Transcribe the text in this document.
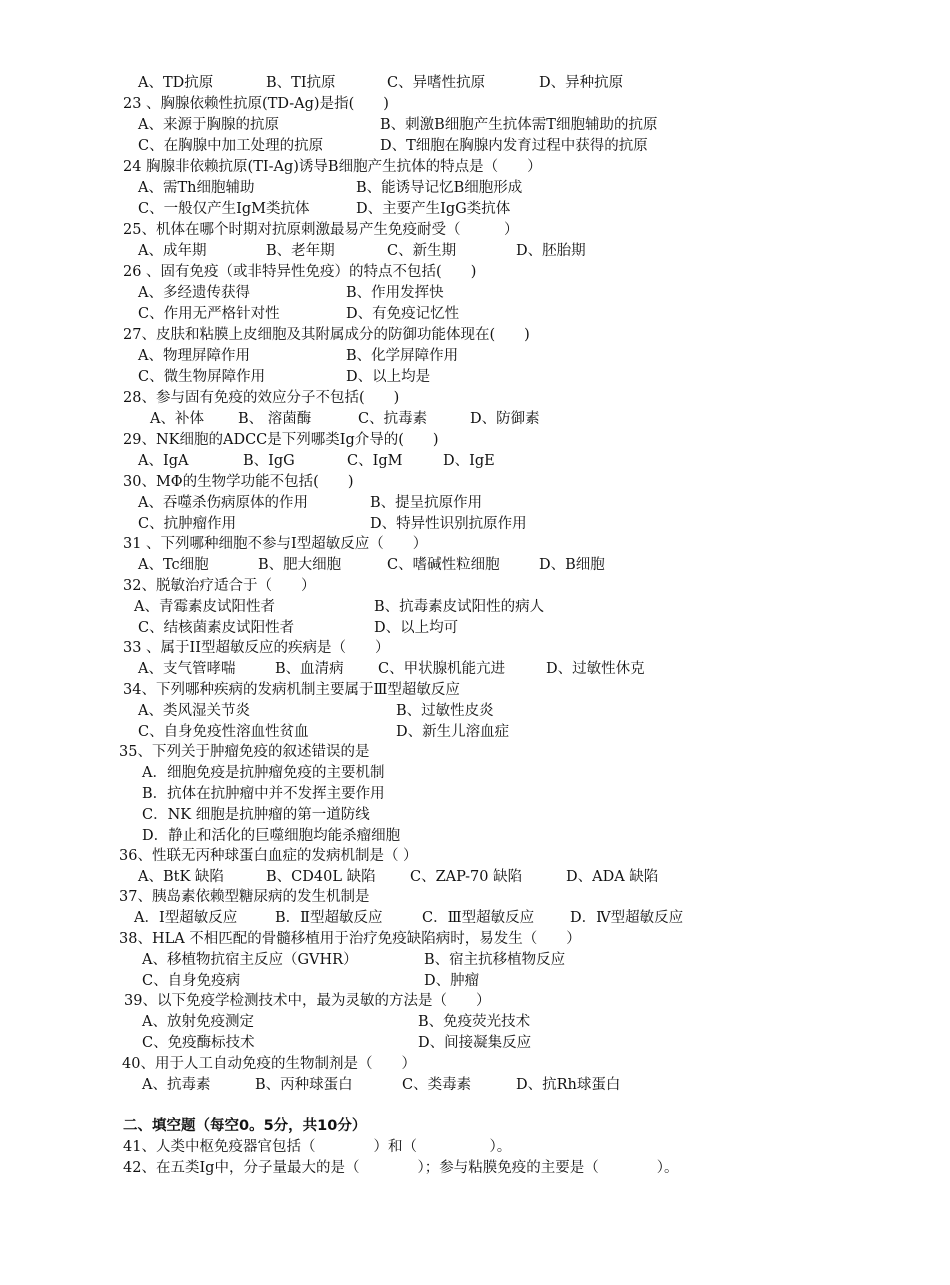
A、TD抗原	B、TI抗原	C、异嗜性抗原	D、异种抗原
23 、胸腺依赖性抗原(TD-Ag)是指(　　)
A、来源于胸腺的抗原	B、刺激B细胞产生抗体需T细胞辅助的抗原
C、在胸腺中加工处理的抗原	D、T细胞在胸腺内发育过程中获得的抗原
24 胸腺非依赖抗原(TI-Ag)诱导B细胞产生抗体的特点是（　　）
A、需Th细胞辅助	B、能诱导记忆B细胞形成
C、一般仅产生IgM类抗体	D、主要产生IgG类抗体
25、机体在哪个时期对抗原刺激最易产生免疫耐受（　　　）
A、成年期	B、老年期	C、新生期	D、胚胎期
26 、固有免疫（或非特异性免疫）的特点不包括(　　)
A、多经遗传获得	B、作用发挥快
C、作用无严格针对性	D、有免疫记忆性
27、皮肤和粘膜上皮细胞及其附属成分的防御功能体现在(　　)
A、物理屏障作用	B、化学屏障作用
C、微生物屏障作用	D、以上均是
28、参与固有免疫的效应分子不包括(　　)
A、补体 B、 溶菌酶	C、抗毒素	D、防御素
29、NK细胞的ADCC是下列哪类Ig介导的(　　)
A、IgA	B、IgG	C、IgM	D、IgE
30、MΦ的生物学功能不包括(　　)
A、吞噬杀伤病原体的作用	B、提呈抗原作用
C、抗肿瘤作用	D、特异性识别抗原作用
31 、下列哪种细胞不参与I型超敏反应（　　）
A、Tc细胞	B、肥大细胞	C、嗜碱性粒细胞	D、B细胞
32、脱敏治疗适合于（　　）
A、青霉素皮试阳性者	B、抗毒素皮试阳性的病人
C、结核菌素皮试阳性者	D、以上均可
33 、属于II型超敏反应的疾病是（　　）
A、支气管哮喘	B、血清病 C、甲状腺机能亢进	D、过敏性休克
34、下列哪种疾病的发病机制主要属于Ⅲ型超敏反应
A、类风湿关节炎	B、过敏性皮炎
C、自身免疫性溶血性贫血	D、新生儿溶血症
35、下列关于肿瘤免疫的叙述错误的是
A．细胞免疫是抗肿瘤免疫的主要机制
B．抗体在抗肿瘤中并不发挥主要作用
C．NK 细胞是抗肿瘤的第一道防线
D．静止和活化的巨噬细胞均能杀瘤细胞
36、性联无丙种球蛋白血症的发病机制是（ ）
A、BtK 缺陷	B、CD40L 缺陷 C、ZAP-70 缺陷	D、ADA 缺陷
37、胰岛素依赖型糖尿病的发生机制是
A．Ⅰ型超敏反应	B．Ⅱ型超敏反应	C．Ⅲ型超敏反应 D．Ⅳ型超敏反应
38、HLA 不相匹配的骨髓移植用于治疗免疫缺陷病时，易发生（　　）
A、移植物抗宿主反应（GVHR）	B、宿主抗移植物反应
C、自身免疫病	D、肿瘤
39、以下免疫学检测技术中，最为灵敏的方法是（　　）
A、放射免疫测定	B、免疫荧光技术
C、免疫酶标技术	D、间接凝集反应
40、用于人工自动免疫的生物制剂是（　　）
A、抗毒素	B、丙种球蛋白	C、类毒素	D、抗Rh球蛋白
二、填空题（每空0。5分，共10分）
41、人类中枢免疫器官包括（　　　　）和（　　　　　）。
42、在五类Ig中，分子量最大的是（　　　　）；参与粘膜免疫的主要是（　　　　）。
